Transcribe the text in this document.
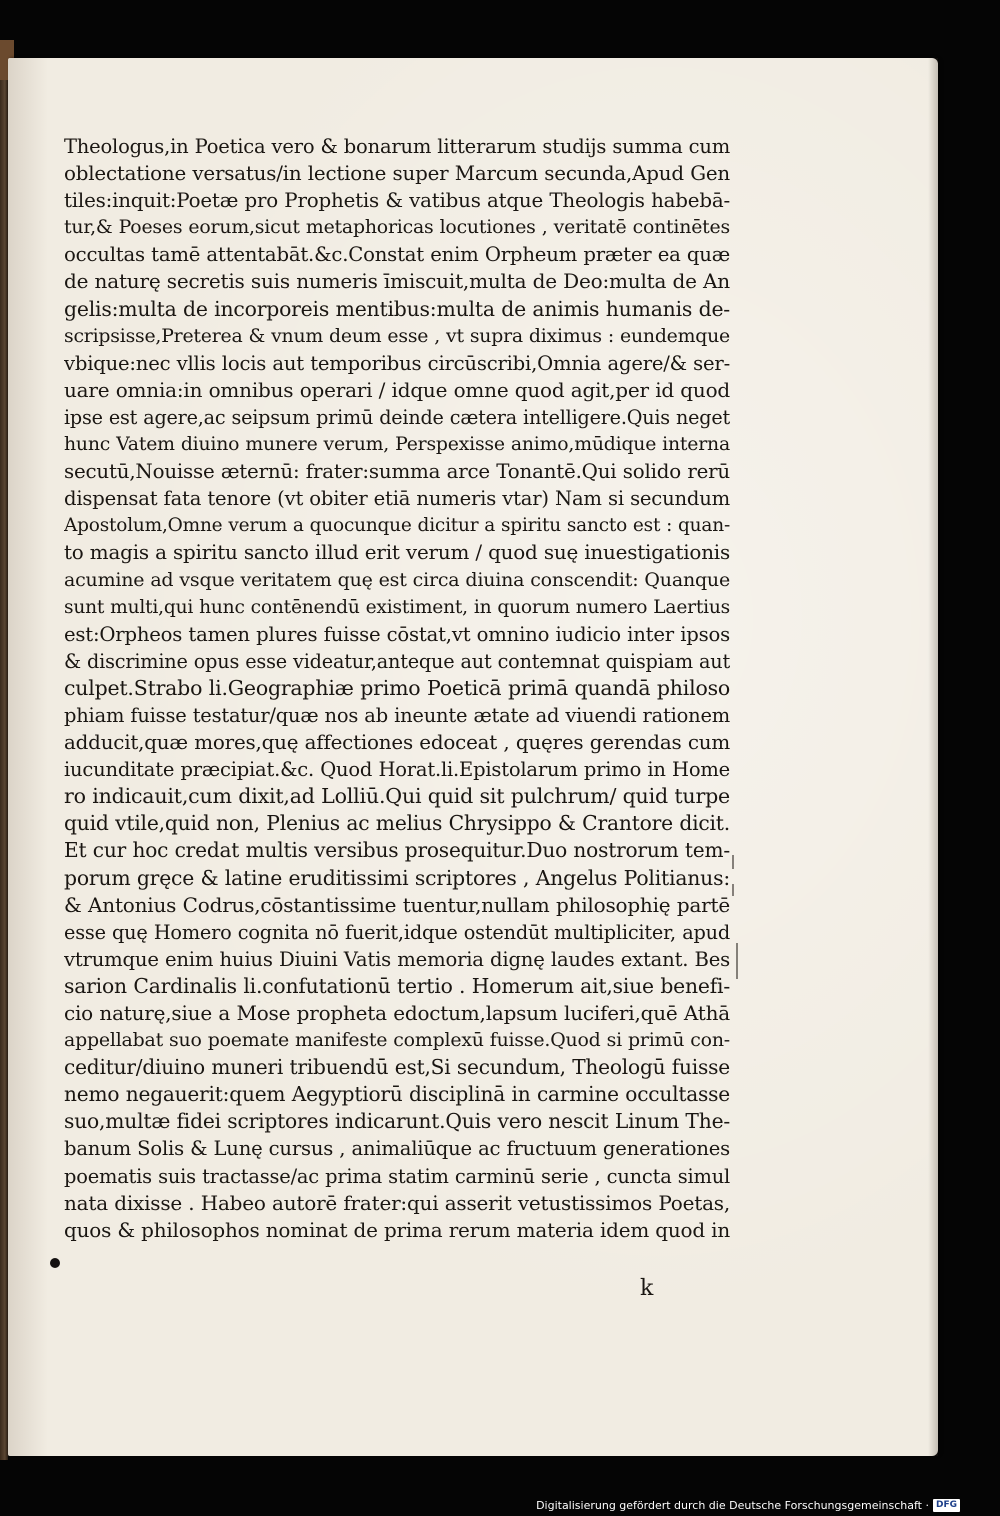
Theologus,in Poetica vero & bonarum litterarum studijs summa cum
oblectatione versatus/in lectione super Marcum secunda,Apud Gen
tiles:inquit:Poetæ pro Prophetis & vatibus atque Theologis habebā-
tur,& Poeses eorum,sicut metaphoricas locutiones , veritatē continētes
occultas tamē attentabāt.&c.Constat enim Orpheum præter ea quæ
de naturę secretis suis numeris īmiscuit,multa de Deo:multa de An
gelis:multa de incorporeis mentibus:multa de animis humanis de-
scripsisse,Preterea & vnum deum esse , vt supra diximus : eundemque
vbique:nec vllis locis aut temporibus circūscribi,Omnia agere/& ser-
uare omnia:in omnibus operari / idque omne quod agit,per id quod
ipse est agere,ac seipsum primū deinde cætera intelligere.Quis neget
hunc Vatem diuino munere verum, Perspexisse animo,mūdique interna
secutū,Nouisse æternū: frater:summa arce Tonantē.Qui solido rerū
dispensat fata tenore (vt obiter etiā numeris vtar) Nam si secundum
Apostolum,Omne verum a quocunque dicitur a spiritu sancto est : quan-
to magis a spiritu sancto illud erit verum / quod suę inuestigationis
acumine ad vsque veritatem quę est circa diuina conscendit: Quanque
sunt multi,qui hunc contēnendū existiment, in quorum numero Laertius
est:Orpheos tamen plures fuisse cōstat,vt omnino iudicio inter ipsos
& discrimine opus esse videatur,anteque aut contemnat quispiam aut
culpet.Strabo li.Geographiæ primo Poeticā primā quandā philoso
phiam fuisse testatur/quæ nos ab ineunte ætate ad viuendi rationem
adducit,quæ mores,quę affectiones edoceat , quęres gerendas cum
iucunditate præcipiat.&c. Quod Horat.li.Epistolarum primo in Home
ro indicauit,cum dixit,ad Lolliū.Qui quid sit pulchrum/ quid turpe
quid vtile,quid non, Plenius ac melius Chrysippo & Crantore dicit.
Et cur hoc credat multis versibus prosequitur.Duo nostrorum tem-
porum gręce & latine eruditissimi scriptores , Angelus Politianus:
& Antonius Codrus,cōstantissime tuentur,nullam philosophię partē
esse quę Homero cognita nō fuerit,idque ostendūt multipliciter, apud
vtrumque enim huius Diuini Vatis memoria dignę laudes extant. Bes
sarion Cardinalis li.confutationū tertio . Homerum ait,siue benefi-
cio naturę,siue a Mose propheta edoctum,lapsum luciferi,quē Athā
appellabat suo poemate manifeste complexū fuisse.Quod si primū con-
ceditur/diuino muneri tribuendū est,Si secundum, Theologū fuisse
nemo negauerit:quem Aegyptiorū disciplinā in carmine occultasse
suo,multæ fidei scriptores indicarunt.Quis vero nescit Linum The-
banum Solis & Lunę cursus , animaliūque ac fructuum generationes
poematis suis tractasse/ac prima statim carminū serie , cuncta simul
nata dixisse . Habeo autorē frater:qui asserit vetustissimos Poetas,
quos & philosophos nominat de prima rerum materia idem quod in
k
Digitalisierung gefördert durch die Deutsche Forschungsgemeinschaft · DFG
